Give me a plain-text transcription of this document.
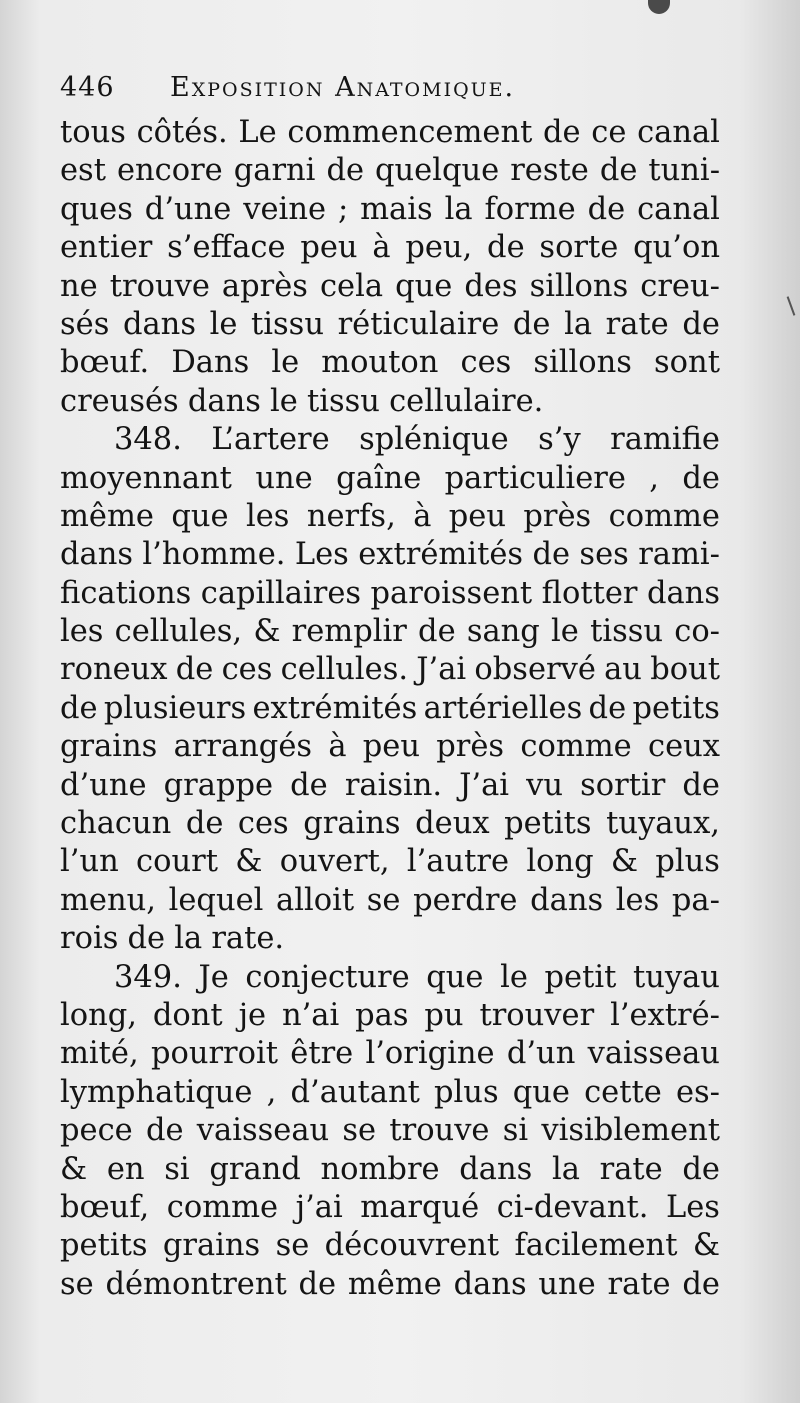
446	Exposition Anatomique.
tous côtés. Le commencement de ce canal
est encore garni de quelque reste de tuni-
ques d’une veine ; mais la forme de canal
entier s’efface peu à peu, de sorte qu’on
ne trouve après cela que des sillons creu-
sés dans le tissu réticulaire de la rate de
bœuf. Dans le mouton ces sillons sont
creusés dans le tissu cellulaire.
348. L’artere splénique s’y ramifie
moyennant une gaîne particuliere , de
même que les nerfs, à peu près comme
dans l’homme. Les extrémités de ses rami-
fications capillaires paroissent flotter dans
les cellules, & remplir de sang le tissu co-
roneux de ces cellules. J’ai observé au bout
de plusieurs extrémités artérielles de petits
grains arrangés à peu près comme ceux
d’une grappe de raisin. J’ai vu sortir de
chacun de ces grains deux petits tuyaux,
l’un court & ouvert, l’autre long & plus
menu, lequel alloit se perdre dans les pa-
rois de la rate.
349. Je conjecture que le petit tuyau
long, dont je n’ai pas pu trouver l’extré-
mité, pourroit être l’origine d’un vaisseau
lymphatique , d’autant plus que cette es-
pece de vaisseau se trouve si visiblement
& en si grand nombre dans la rate de
bœuf, comme j’ai marqué ci-devant. Les
petits grains se découvrent facilement &
se démontrent de même dans une rate de
